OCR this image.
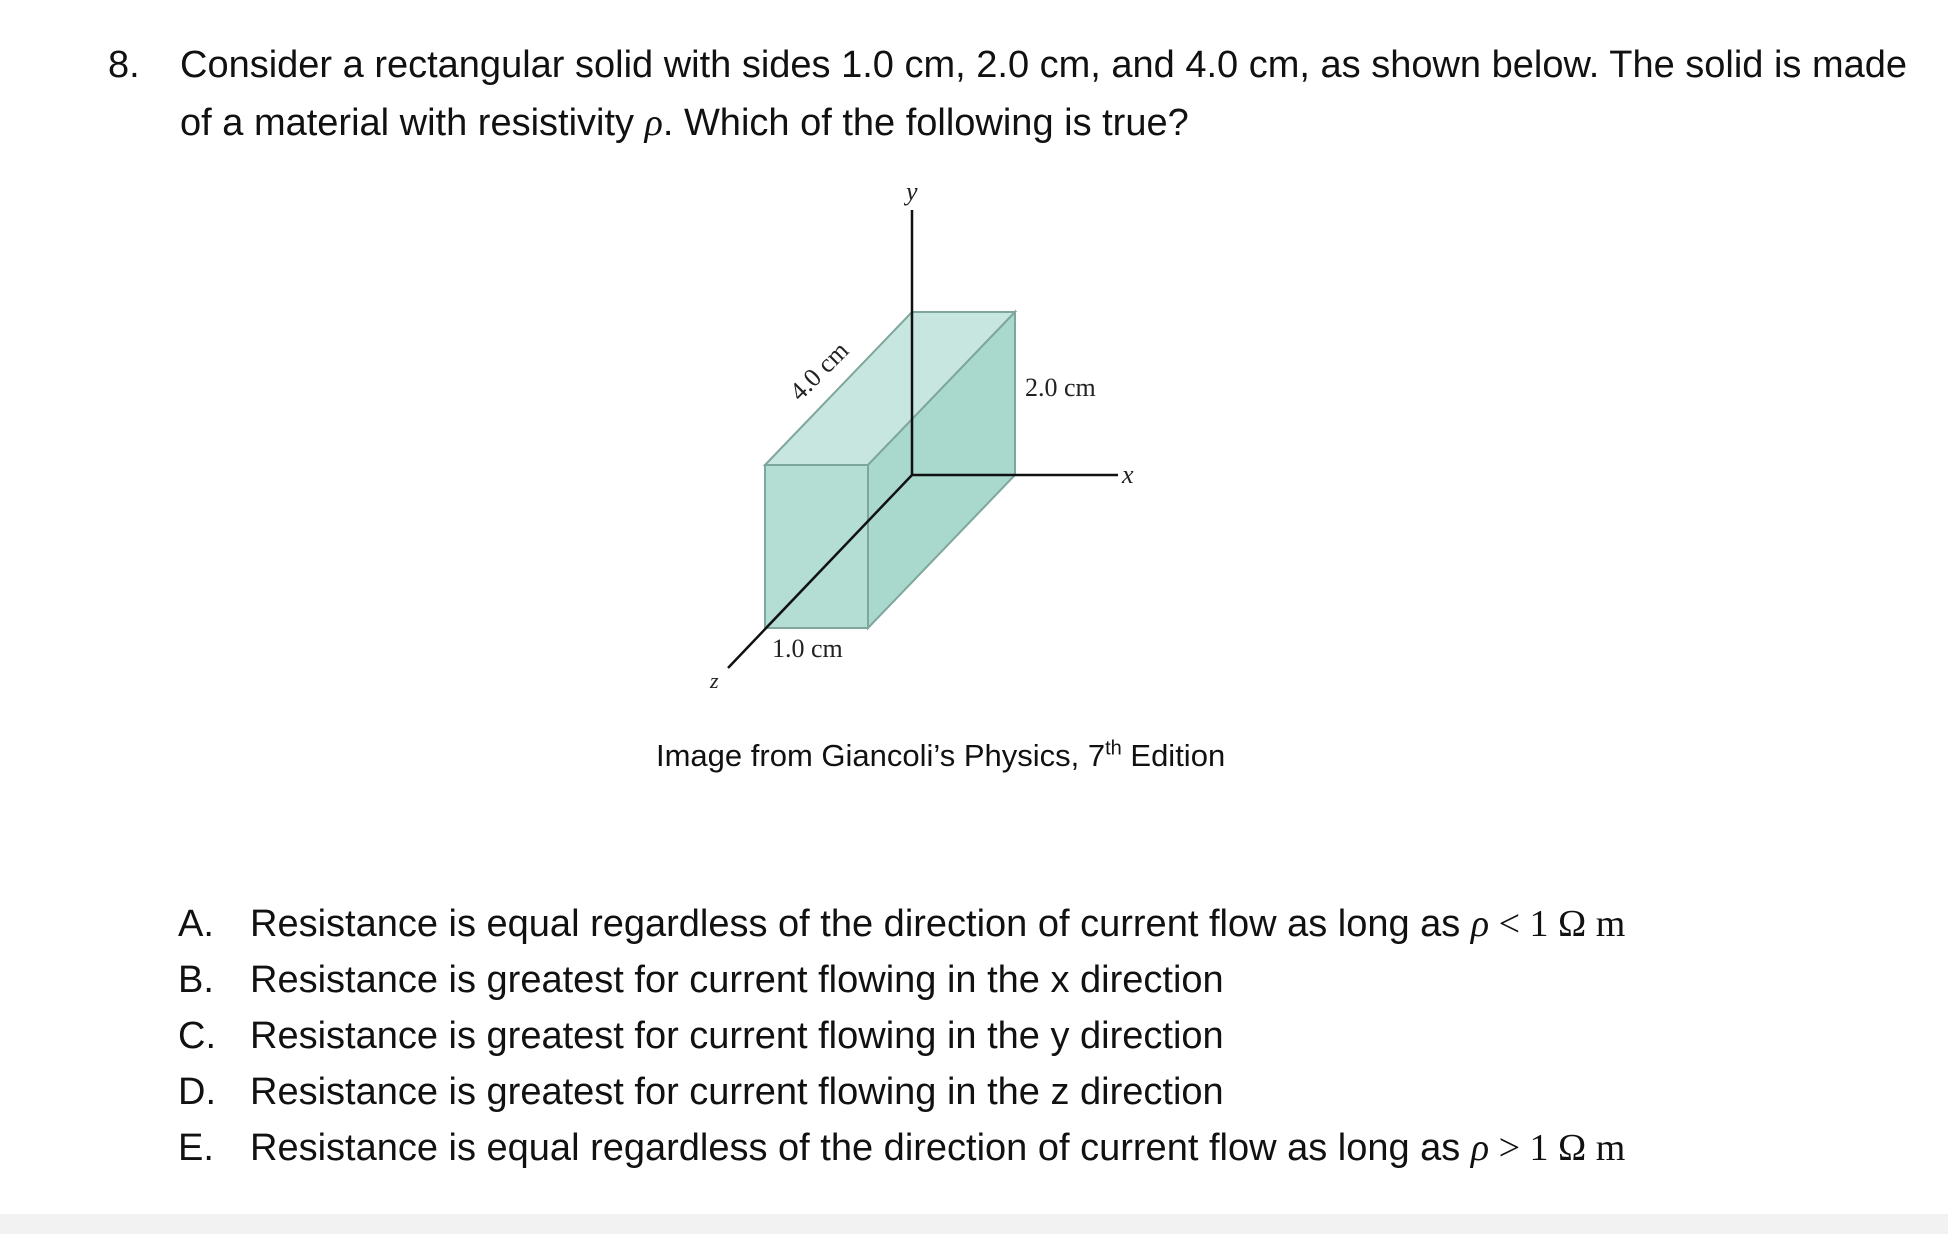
8. Consider a rectangular solid with sides 1.0 cm, 2.0 cm, and 4.0 cm, as shown below. The solid is made of a material with resistivity ρ. Which of the following is true?
y
x
z
4.0 cm	2.0 cm
1.0 cm
Image from Giancoli’s Physics, 7th Edition
A. Resistance is equal regardless of the direction of current flow as long as ρ < 1 Ω m
B. Resistance is greatest for current flowing in the x direction
C. Resistance is greatest for current flowing in the y direction
D. Resistance is greatest for current flowing in the z direction
E. Resistance is equal regardless of the direction of current flow as long as ρ > 1 Ω m
